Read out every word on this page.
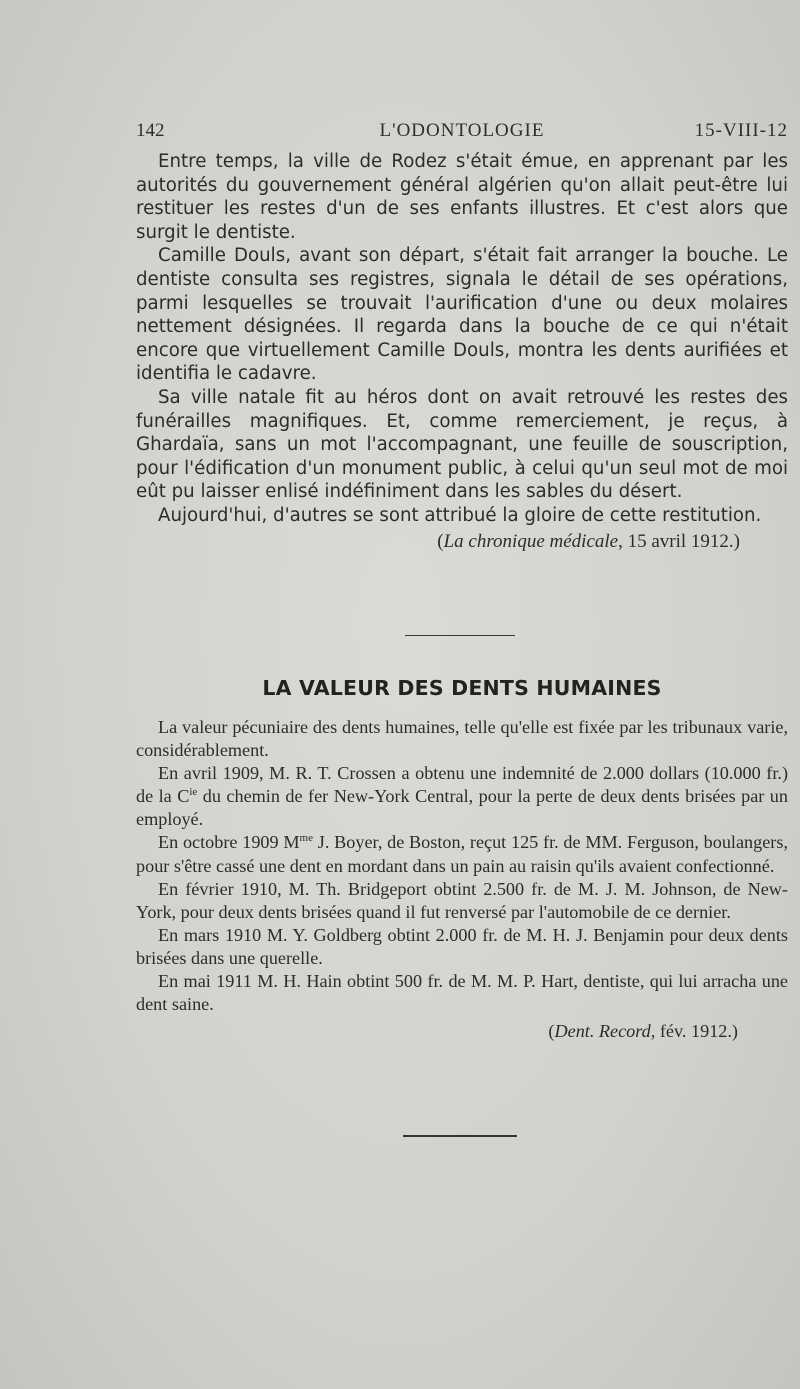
142	L'ODONTOLOGIE	15-VIII-12

Entre temps, la ville de Rodez s'était émue, en apprenant par les autorités du gouvernement général algérien qu'on allait peut-être lui restituer les restes d'un de ses enfants illustres. Et c'est alors que surgit le dentiste.

Camille Douls, avant son départ, s'était fait arranger la bouche. Le dentiste consulta ses registres, signala le détail de ses opérations, parmi lesquelles se trouvait l'aurification d'une ou deux molaires nettement désignées. Il regarda dans la bouche de ce qui n'était encore que virtuellement Camille Douls, montra les dents aurifiées et identifia le cadavre.

Sa ville natale fit au héros dont on avait retrouvé les restes des funérailles magnifiques. Et, comme remerciement, je reçus, à Ghardaïa, sans un mot l'accompagnant, une feuille de souscription, pour l'édification d'un monument public, à celui qu'un seul mot de moi eût pu laisser enlisé indéfiniment dans les sables du désert.

Aujourd'hui, d'autres se sont attribué la gloire de cette restitution.

(La chronique médicale, 15 avril 1912.)

LA VALEUR DES DENTS HUMAINES

La valeur pécuniaire des dents humaines, telle qu'elle est fixée par les tribunaux varie, considérablement.

En avril 1909, M. R. T. Crossen a obtenu une indemnité de 2.000 dollars (10.000 fr.) de la $C^{ie}$ du chemin de fer New-York Central, pour la perte de deux dents brisées par un employé.

En octobre 1909 $M^{me}$ J. Boyer, de Boston, reçut 125 fr. de MM. Ferguson, boulangers, pour s'être cassé une dent en mordant dans un pain au raisin qu'ils avaient confectionné.

En février 1910, M. Th. Bridgeport obtint 2.500 fr. de M. J. M. Johnson, de New-York, pour deux dents brisées quand il fut renversé par l'automobile de ce dernier.

En mars 1910 M. Y. Goldberg obtint 2.000 fr. de M. H. J. Benjamin pour deux dents brisées dans une querelle.

En mai 1911 M. H. Hain obtint 500 fr. de M. M. P. Hart, dentiste, qui lui arracha une dent saine.

(Dent. Record, fév. 1912.)
